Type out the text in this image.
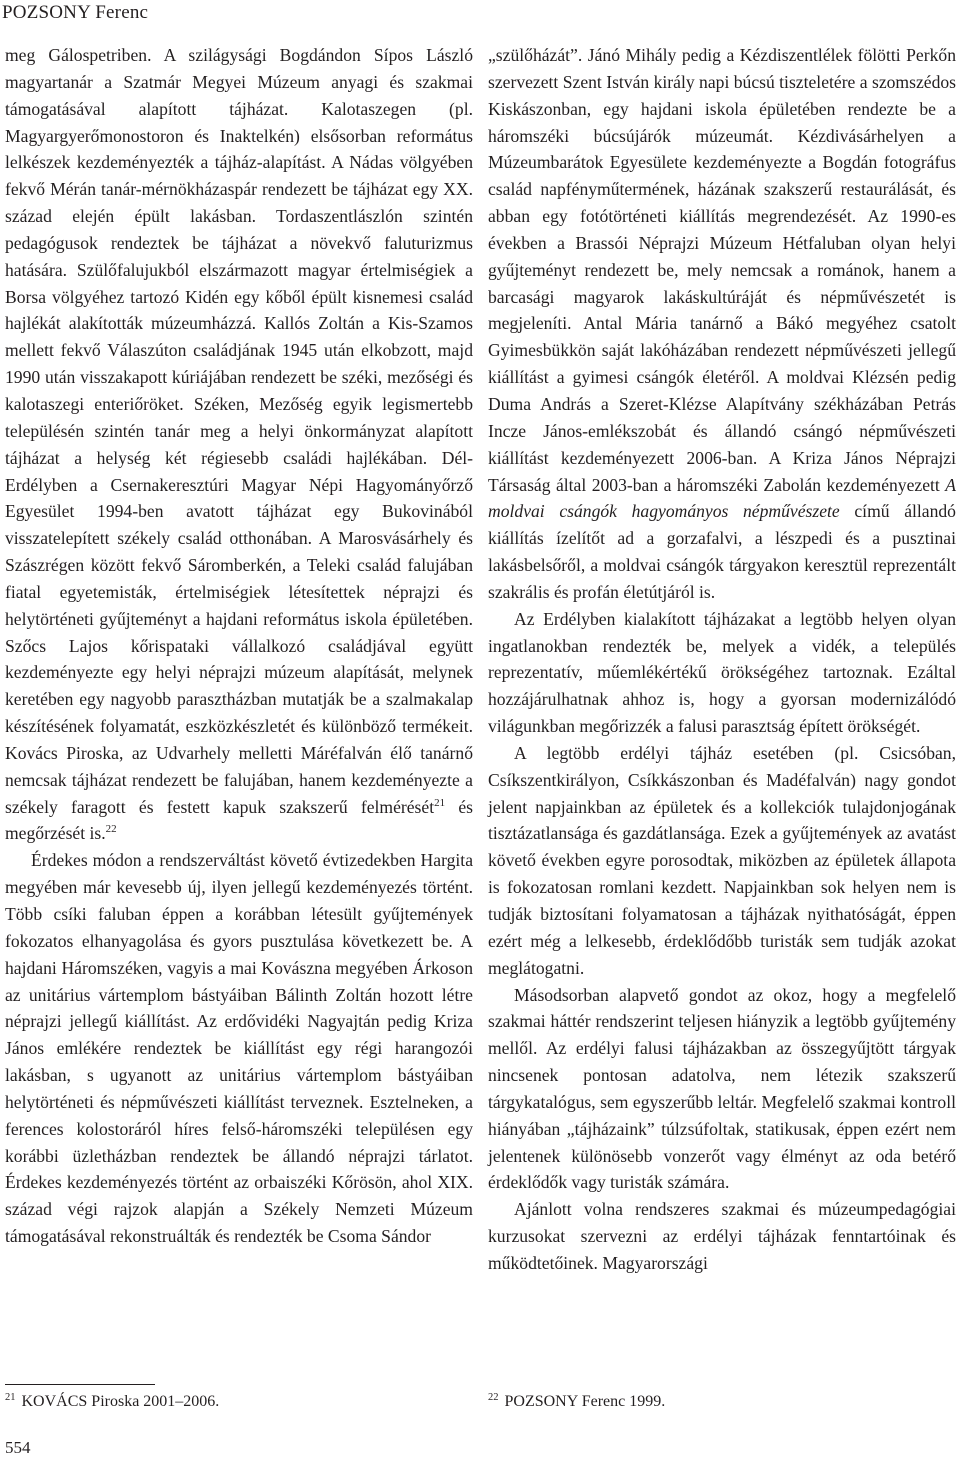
POZSONY Ferenc

meg Gálospetriben. A szilágysági Bogdándon Sípos László magyartanár a Szatmár Megyei Múzeum anyagi és szakmai támogatásával alapított tájházat. Kalotaszegen (pl. Magyargyerőmonostoron és Inaktelkén) elsősorban református lelkészek kezdeményezték a tájház-alapítást. A Nádas völgyében fekvő Mérán tanár-mérnökházaspár rendezett be tájházat egy XX. század elején épült lakásban. Tordaszentlászlón szintén pedagógusok rendeztek be tájházat a növekvő faluturizmus hatására. Szülőfalujukból elszármazott magyar értelmiségiek a Borsa völgyéhez tartozó Kidén egy kőből épült kisnemesi család hajlékát alakították múzeumházzá. Kallós Zoltán a Kis-Szamos mellett fekvő Válaszúton családjának 1945 után elkobzott, majd 1990 után visszakapott kúriájában rendezett be széki, mezőségi és kalotaszegi enteriőröket. Széken, Mezőség egyik legismertebb településén szintén tanár meg a helyi önkormányzat alapított tájházat a helység két régiesebb családi hajlékában. Dél-Erdélyben a Csernakeresztúri Magyar Népi Hagyományőrző Egyesület 1994-ben avatott tájházat egy Bukovinából visszatelepített székely család otthonában. A Marosvásárhely és Szászrégen között fekvő Sáromberkén, a Teleki család falujában fiatal egyetemisták, értelmiségiek létesítettek néprajzi és helytörténeti gyűjteményt a hajdani református iskola épületében. Szőcs Lajos kőrispataki vállalkozó családjával együtt kezdeményezte egy helyi néprajzi múzeum alapítását, melynek keretében egy nagyobb parasztházban mutatják be a szalmakalap készítésének folyamatát, eszközkészletét és különböző termékeit. Kovács Piroska, az Udvarhely melletti Máréfalván élő tanárnő nemcsak tájházat rendezett be falujában, hanem kezdeményezte a székely faragott és festett kapuk szakszerű felmérését$^{21}$ és megőrzését is.$^{22}$

Érdekes módon a rendszerváltást követő évtizedekben Hargita megyében már kevesebb új, ilyen jellegű kezdeményezés történt. Több csíki faluban éppen a korábban létesült gyűjtemények fokozatos elhanyagolása és gyors pusztulása következett be. A hajdani Háromszéken, vagyis a mai Kovászna megyében Árkoson az unitárius vártemplom bástyáiban Bálinth Zoltán hozott létre néprajzi jellegű kiállítást. Az erdővidéki Nagyajtán pedig Kriza János emlékére rendeztek be kiállítást egy régi harangozói lakásban, s ugyanott az unitárius vártemplom bástyáiban helytörténeti és népművészeti kiállítást terveznek. Esztelneken, a ferences kolostoráról híres felső-háromszéki településen egy korábbi üzletházban rendeztek be állandó néprajzi tárlatot. Érdekes kezdeményezés történt az orbaiszéki Kőrösön, ahol XIX. század végi rajzok alapján a Székely Nemzeti Múzeum támogatásával rekonstruálták és rendezték be Csoma Sándor

„szülőházát”. Jánó Mihály pedig a Kézdiszentlélek fölötti Perkőn szervezett Szent István király napi búcsú tiszteletére a szomszédos Kiskászonban, egy hajdani iskola épületében rendezte be a háromszéki búcsújárók múzeumát. Kézdivásárhelyen a Múzeumbarátok Egyesülete kezdeményezte a Bogdán fotográfus család napfényműtermének, házának szakszerű restaurálását, és abban egy fotótörténeti kiállítás megrendezését. Az 1990-es években a Brassói Néprajzi Múzeum Hétfaluban olyan helyi gyűjteményt rendezett be, mely nemcsak a románok, hanem a barcasági magyarok lakáskultúráját és népművészetét is megjeleníti. Antal Mária tanárnő a Bákó megyéhez csatolt Gyimesbükkön saját lakóházában rendezett népművészeti jellegű kiállítást a gyimesi csángók életéről. A moldvai Klézsén pedig Duma András a Szeret-Klézse Alapítvány székházában Petrás Incze János-emlékszobát és állandó csángó népművészeti kiállítást kezdeményezett 2006-ban. A Kriza János Néprajzi Társaság által 2003-ban a háromszéki Zabolán kezdeményezett A moldvai csángók hagyományos népművészete című állandó kiállítás ízelítőt ad a gorzafalvi, a lészpedi és a pusztinai lakásbelsőről, a moldvai csángók tárgyakon keresztül reprezentált szakrális és profán életútjáról is.

Az Erdélyben kialakított tájházakat a legtöbb helyen olyan ingatlanokban rendezték be, melyek a vidék, a település reprezentatív, műemlékértékű örökségéhez tartoznak. Ezáltal hozzájárulhatnak ahhoz is, hogy a gyorsan modernizálódó világunkban megőrizzék a falusi parasztság épített örökségét.

A legtöbb erdélyi tájház esetében (pl. Csicsóban, Csíkszentkirályon, Csíkkászonban és Madéfalván) nagy gondot jelent napjainkban az épületek és a kollekciók tulajdonjogának tisztázatlansága és gazdátlansága. Ezek a gyűjtemények az avatást követő években egyre porosodtak, miközben az épületek állapota is fokozatosan romlani kezdett. Napjainkban sok helyen nem is tudják biztosítani folyamatosan a tájházak nyithatóságát, éppen ezért még a lelkesebb, érdeklődőbb turisták sem tudják azokat meglátogatni.

Másodsorban alapvető gondot az okoz, hogy a megfelelő szakmai háttér rendszerint teljesen hiányzik a legtöbb gyűjtemény mellől. Az erdélyi falusi tájházakban az összegyűjtött tárgyak nincsenek pontosan adatolva, nem létezik szakszerű tárgykatalógus, sem egyszerűbb leltár. Megfelelő szakmai kontroll hiányában „tájházaink” túlzsúfoltak, statikusak, éppen ezért nem jelentenek különösebb vonzerőt vagy élményt az oda betérő érdeklődők vagy turisták számára.

Ajánlott volna rendszeres szakmai és múzeumpedagógiai kurzusokat szervezni az erdélyi tájházak fenntartóinak és működtetőinek. Magyarországi

$^{21}$ KOVÁCS Piroska 2001–2006.	$^{22}$ POZSONY Ferenc 1999.
554
